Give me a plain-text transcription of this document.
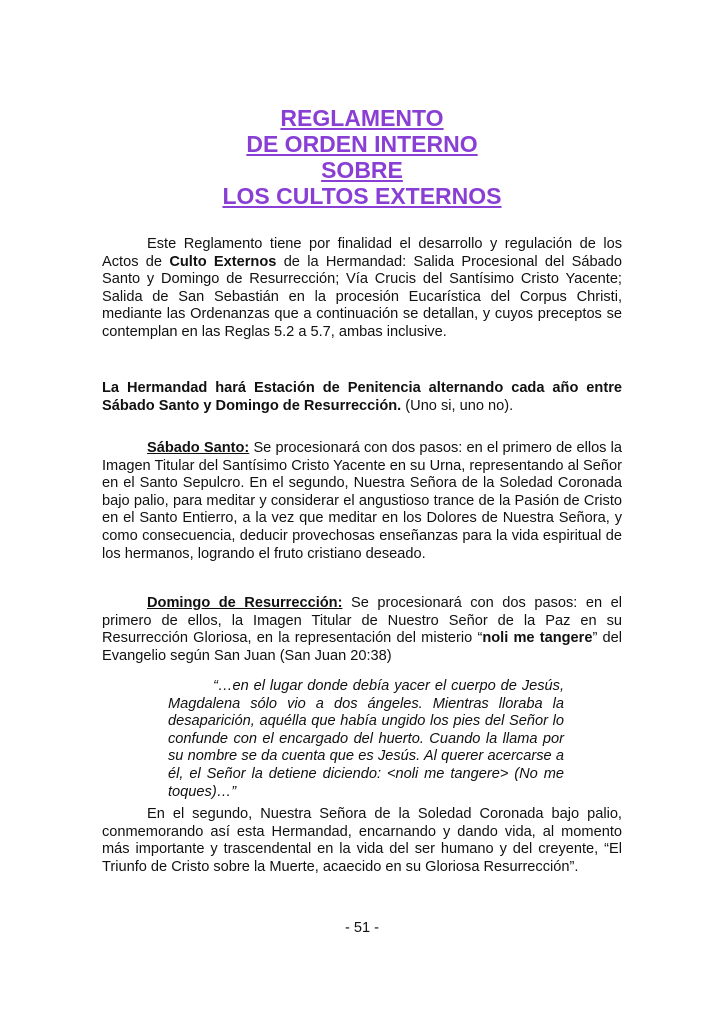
REGLAMENTO
DE ORDEN INTERNO
SOBRE
LOS CULTOS EXTERNOS

Este Reglamento tiene por finalidad el desarrollo y regulación de los Actos de Culto Externos de la Hermandad: Salida Procesional del Sábado Santo y Domingo de Resurrección; Vía Crucis del Santísimo Cristo Yacente; Salida de San Sebastián en la procesión Eucarística del Corpus Christi, mediante las Ordenanzas que a continuación se detallan, y cuyos preceptos se contemplan en las Reglas 5.2 a 5.7, ambas inclusive.

La Hermandad hará Estación de Penitencia alternando cada año entre Sábado Santo y Domingo de Resurrección. (Uno si, uno no).

Sábado Santo: Se procesionará con dos pasos: en el primero de ellos la Imagen Titular del Santísimo Cristo Yacente en su Urna, representando al Señor en el Santo Sepulcro. En el segundo, Nuestra Señora de la Soledad Coronada bajo palio, para meditar y considerar el angustioso trance de la Pasión de Cristo en el Santo Entierro, a la vez que meditar en los Dolores de Nuestra Señora, y como consecuencia, deducir provechosas enseñanzas para la vida espiritual de los hermanos, logrando el fruto cristiano deseado.

Domingo de Resurrección: Se procesionará con dos pasos: en el primero de ellos, la Imagen Titular de Nuestro Señor de la Paz en su Resurrección Gloriosa, en la representación del misterio “noli me tangere” del Evangelio según San Juan (San Juan 20:38)

“…en el lugar donde debía yacer el cuerpo de Jesús, Magdalena sólo vio a dos ángeles. Mientras lloraba la desaparición, aquélla que había ungido los pies del Señor lo confunde con el encargado del huerto. Cuando la llama por su nombre se da cuenta que es Jesús. Al querer acercarse a él, el Señor la detiene diciendo: <noli me tangere> (No me toques)…”

En el segundo, Nuestra Señora de la Soledad Coronada bajo palio, conmemorando así esta Hermandad, encarnando y dando vida, al momento más importante y trascendental en la vida del ser humano y del creyente, “El Triunfo de Cristo sobre la Muerte, acaecido en su Gloriosa Resurrección”.

- 51 -
